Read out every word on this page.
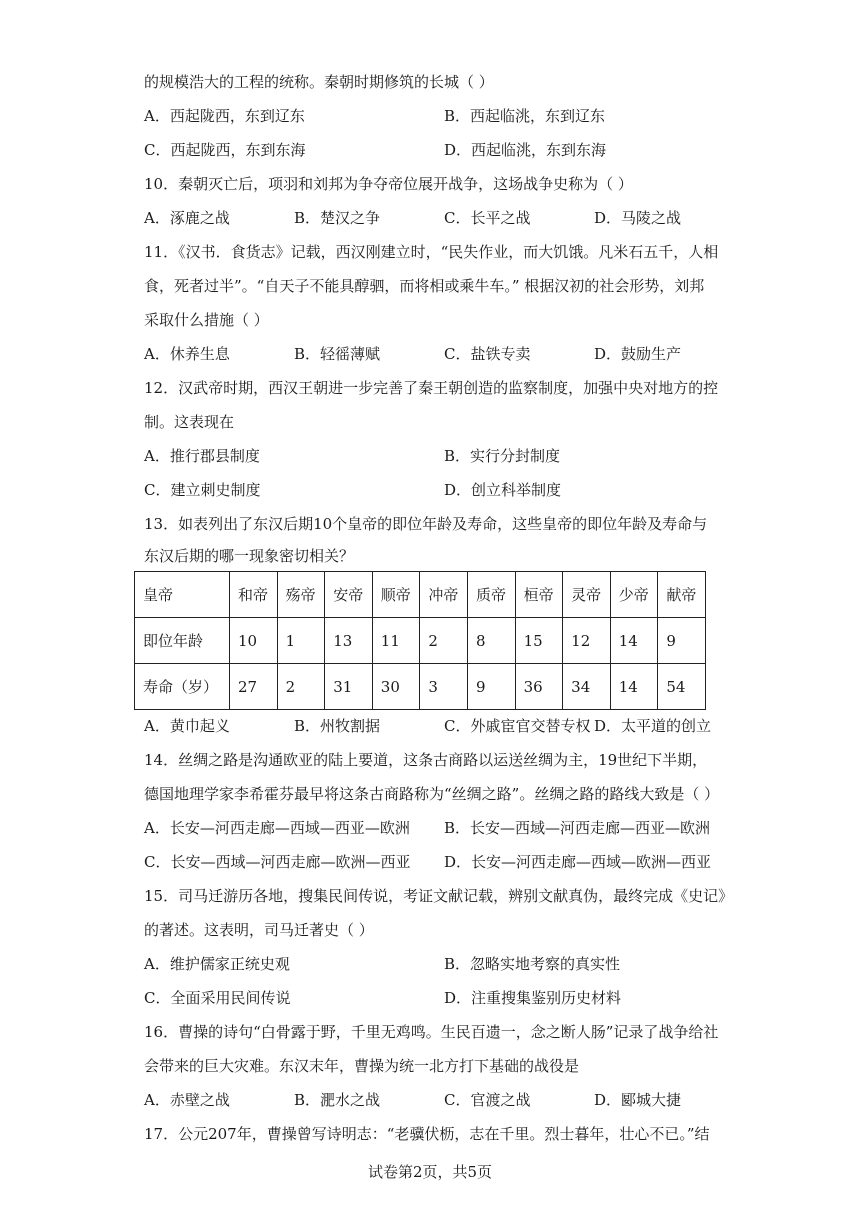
的规模浩大的工程的统称。秦朝时期修筑的长城（ ）
A．西起陇西，东到辽东	B．西起临洮，东到辽东
C．西起陇西，东到东海	D．西起临洮，东到东海
10．秦朝灭亡后，项羽和刘邦为争夺帝位展开战争，这场战争史称为（ ）
A．涿鹿之战	B．楚汉之争	C．长平之战	D．马陵之战
11．《汉书．食货志》记载，西汉刚建立时，“民失作业，而大饥饿。凡米石五千，人相
食，死者过半”。“自天子不能具醇驷，而将相或乘牛车。” 根据汉初的社会形势，刘邦
采取什么措施（ ）
A．休养生息	B．轻徭薄赋	C．盐铁专卖	D．鼓励生产
12．汉武帝时期，西汉王朝进一步完善了秦王朝创造的监察制度，加强中央对地方的控
制。这表现在
A．推行郡县制度	B．实行分封制度
C．建立刺史制度	D．创立科举制度
13．如表列出了东汉后期10个皇帝的即位年龄及寿命，这些皇帝的即位年龄及寿命与
东汉后期的哪一现象密切相关？
皇帝	和帝	殇帝	安帝	顺帝	冲帝	质帝	桓帝	灵帝	少帝	献帝
即位年龄	10	1	13	11	2	8	15	12	14	9
寿命（岁）	27	2	31	30	3	9	36	34	14	54
A．黄巾起义	B．州牧割据	C．外戚宦官交替专权 D．太平道的创立
14．丝绸之路是沟通欧亚的陆上要道，这条古商路以运送丝绸为主，19世纪下半期，
德国地理学家李希霍芬最早将这条古商路称为“丝绸之路”。丝绸之路的路线大致是（ ）
A．长安—河西走廊—西域—西亚—欧洲 B．长安—西域—河西走廊—西亚—欧洲
C．长安—西域—河西走廊—欧洲—西亚 D．长安—河西走廊—西域—欧洲—西亚
15．司马迁游历各地，搜集民间传说，考证文献记载，辨别文献真伪，最终完成《史记》
的著述。这表明，司马迁著史（ ）
A．维护儒家正统史观	B．忽略实地考察的真实性
C．全面采用民间传说	D．注重搜集鉴别历史材料
16．曹操的诗句“白骨露于野，千里无鸡鸣。生民百遗一，念之断人肠”记录了战争给社
会带来的巨大灾难。东汉末年，曹操为统一北方打下基础的战役是
A．赤壁之战	B．淝水之战	C．官渡之战	D．郾城大捷
17．公元207年，曹操曾写诗明志：“老骥伏枥，志在千里。烈士暮年，壮心不已。”结
试卷第2页，共5页
